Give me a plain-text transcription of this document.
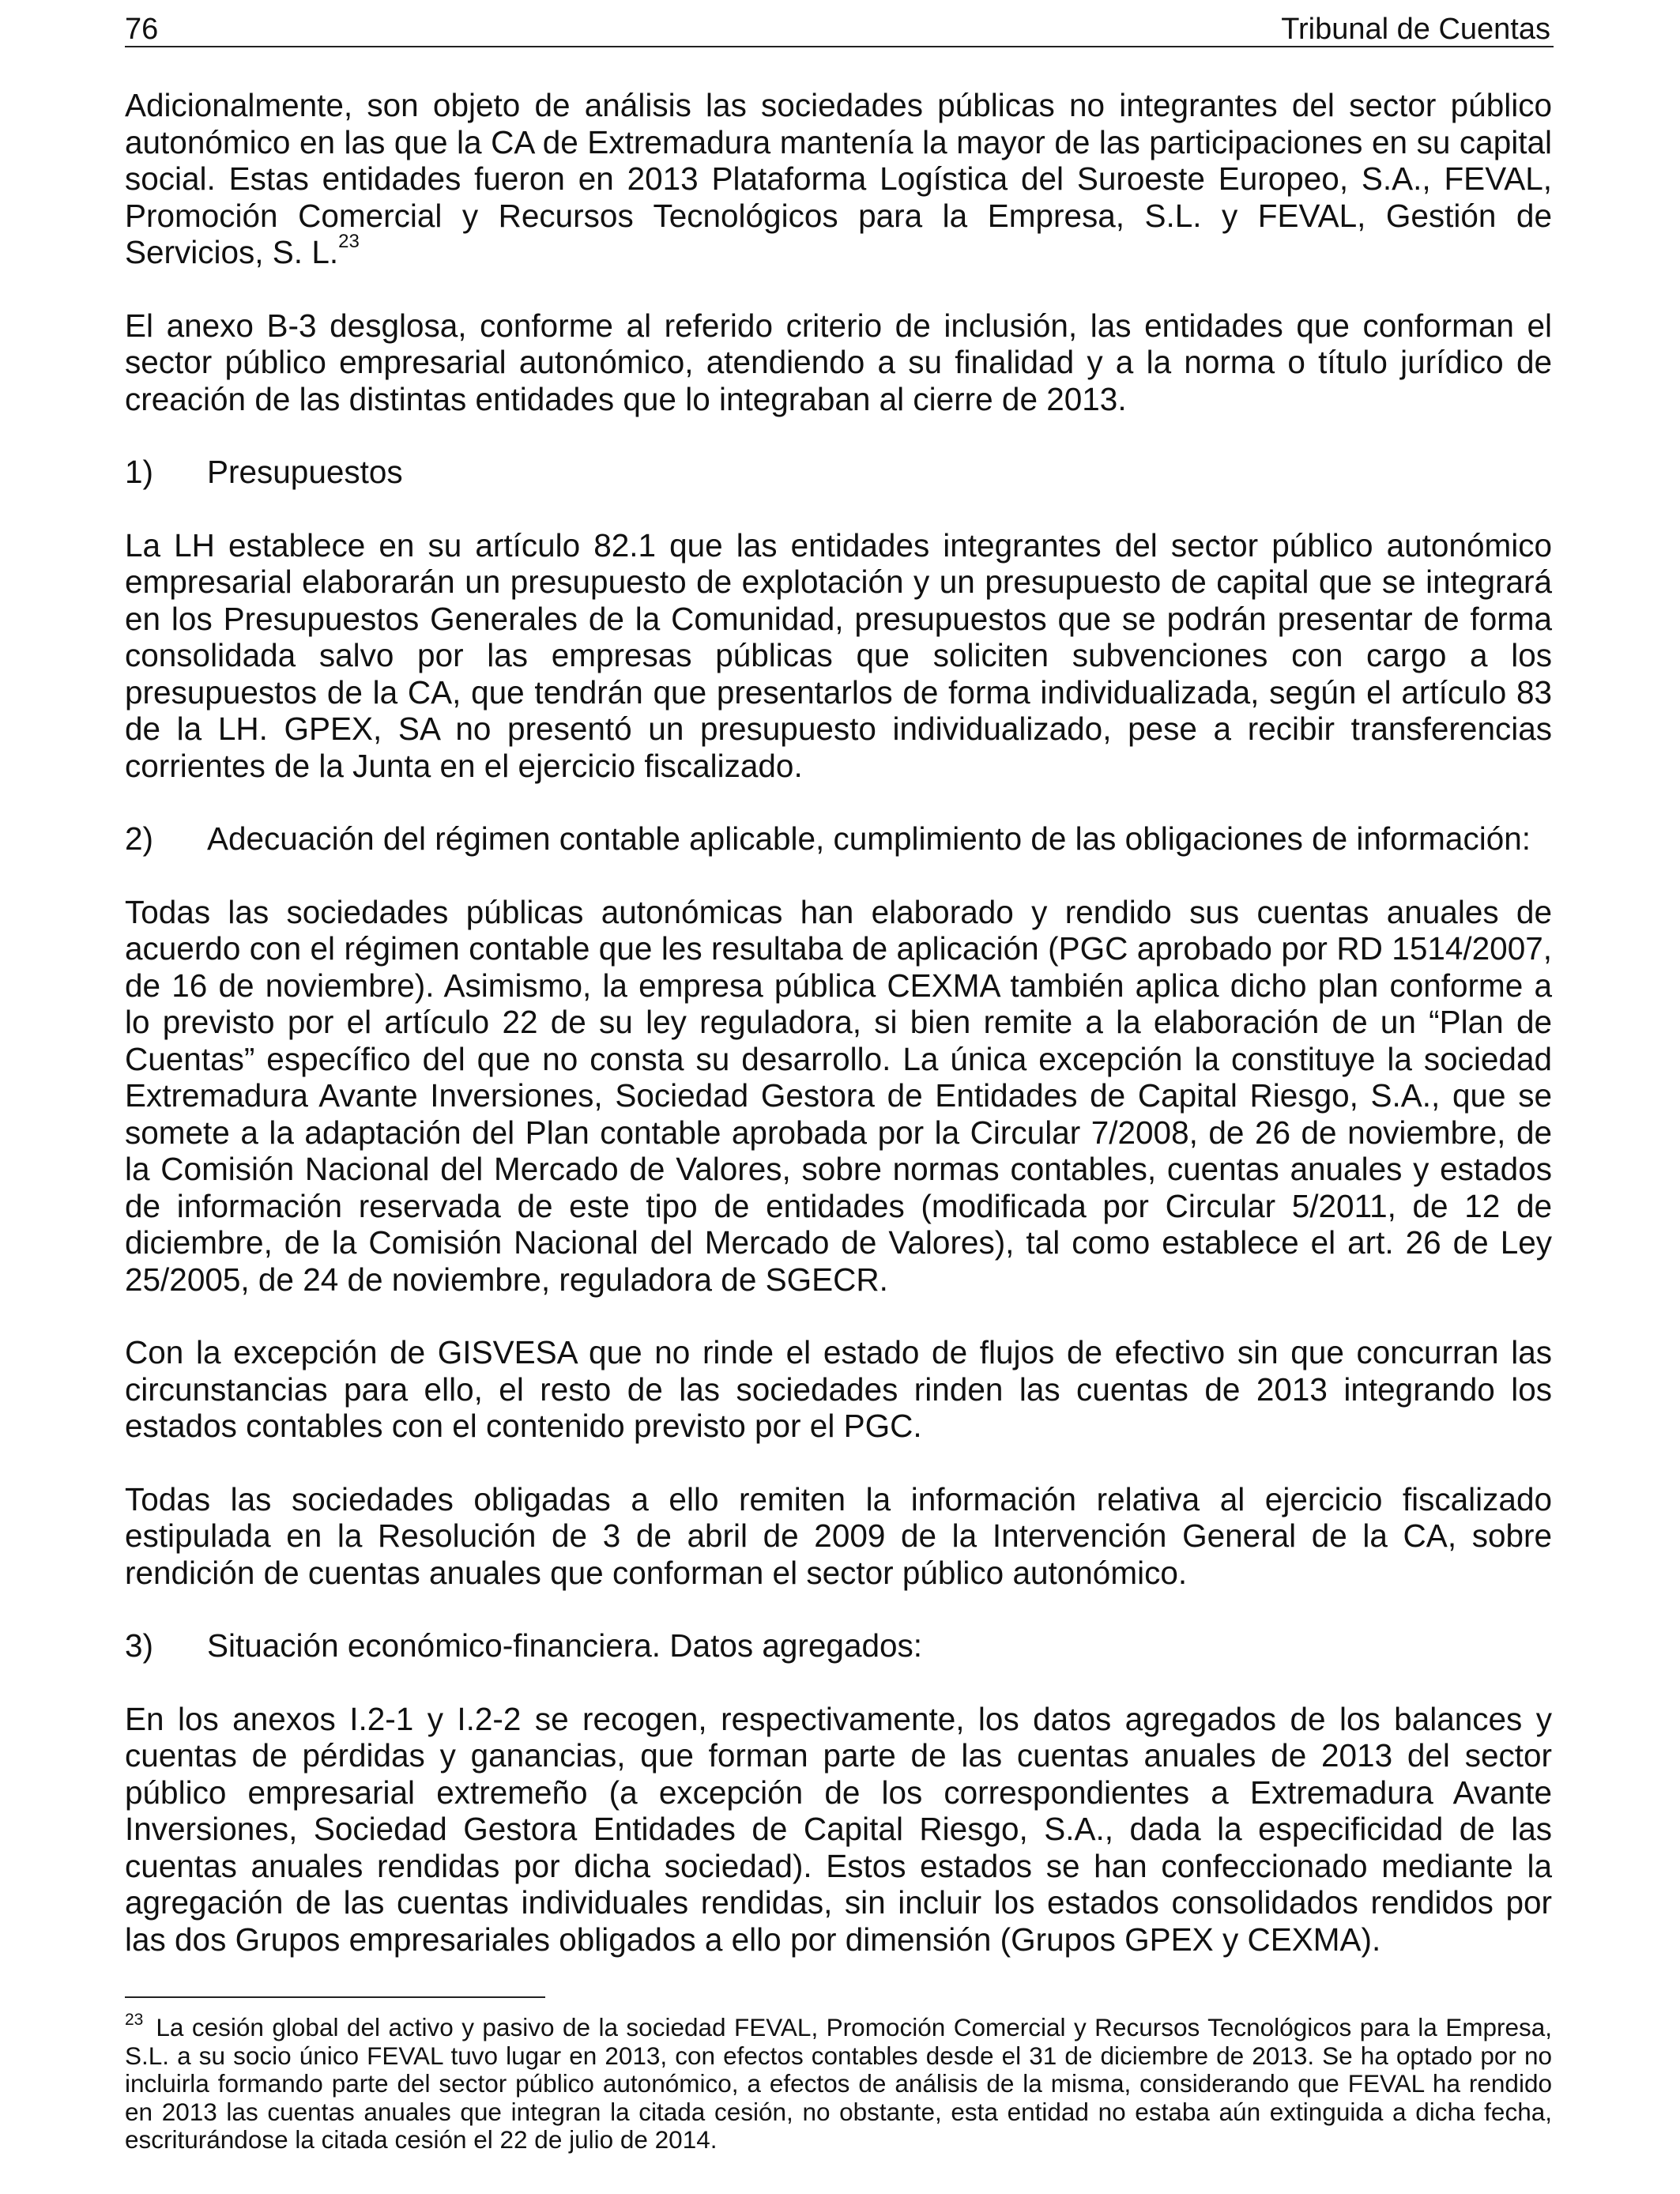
76	Tribunal de Cuentas

Adicionalmente, son objeto de análisis las sociedades públicas no integrantes del sector público autonómico en las que la CA de Extremadura mantenía la mayor de las participaciones en su capital social. Estas entidades fueron en 2013 Plataforma Logística del Suroeste Europeo, S.A., FEVAL, Promoción Comercial y Recursos Tecnológicos para la Empresa, S.L. y FEVAL, Gestión de Servicios, S. L.$^{23}$

El anexo B-3 desglosa, conforme al referido criterio de inclusión, las entidades que conforman el sector público empresarial autonómico, atendiendo a su finalidad y a la norma o título jurídico de creación de las distintas entidades que lo integraban al cierre de 2013.

1)	Presupuestos

La LH establece en su artículo 82.1 que las entidades integrantes del sector público autonómico empresarial elaborarán un presupuesto de explotación y un presupuesto de capital que se integrará en los Presupuestos Generales de la Comunidad, presupuestos que se podrán presentar de forma consolidada salvo por las empresas públicas que soliciten subvenciones con cargo a los presupuestos de la CA, que tendrán que presentarlos de forma individualizada, según el artículo 83 de la LH. GPEX, SA no presentó un presupuesto individualizado, pese a recibir transferencias corrientes de la Junta en el ejercicio fiscalizado.

2)	Adecuación del régimen contable aplicable, cumplimiento de las obligaciones de información:

Todas las sociedades públicas autonómicas han elaborado y rendido sus cuentas anuales de acuerdo con el régimen contable que les resultaba de aplicación (PGC aprobado por RD 1514/2007, de 16 de noviembre). Asimismo, la empresa pública CEXMA también aplica dicho plan conforme a lo previsto por el artículo 22 de su ley reguladora, si bien remite a la elaboración de un “Plan de Cuentas” específico del que no consta su desarrollo. La única excepción la constituye la sociedad Extremadura Avante Inversiones, Sociedad Gestora de Entidades de Capital Riesgo, S.A., que se somete a la adaptación del Plan contable aprobada por la Circular 7/2008, de 26 de noviembre, de la Comisión Nacional del Mercado de Valores, sobre normas contables, cuentas anuales y estados de información reservada de este tipo de entidades (modificada por Circular 5/2011, de 12 de diciembre, de la Comisión Nacional del Mercado de Valores), tal como establece el art. 26 de Ley 25/2005, de 24 de noviembre, reguladora de SGECR.

Con la excepción de GISVESA que no rinde el estado de flujos de efectivo sin que concurran las circunstancias para ello, el resto de las sociedades rinden las cuentas de 2013 integrando los estados contables con el contenido previsto por el PGC.

Todas las sociedades obligadas a ello remiten la información relativa al ejercicio fiscalizado estipulada en la Resolución de 3 de abril de 2009 de la Intervención General de la CA, sobre rendición de cuentas anuales que conforman el sector público autonómico.

3)	Situación económico-financiera. Datos agregados:

En los anexos I.2-1 y I.2-2 se recogen, respectivamente, los datos agregados de los balances y cuentas de pérdidas y ganancias, que forman parte de las cuentas anuales de 2013 del sector público empresarial extremeño (a excepción de los correspondientes a Extremadura Avante Inversiones, Sociedad Gestora Entidades de Capital Riesgo, S.A., dada la especificidad de las cuentas anuales rendidas por dicha sociedad). Estos estados se han confeccionado mediante la agregación de las cuentas individuales rendidas, sin incluir los estados consolidados rendidos por las dos Grupos empresariales obligados a ello por dimensión (Grupos GPEX y CEXMA).

$^{23}$ La cesión global del activo y pasivo de la sociedad FEVAL, Promoción Comercial y Recursos Tecnológicos para la Empresa, S.L. a su socio único FEVAL tuvo lugar en 2013, con efectos contables desde el 31 de diciembre de 2013. Se ha optado por no incluirla formando parte del sector público autonómico, a efectos de análisis de la misma, considerando que FEVAL ha rendido en 2013 las cuentas anuales que integran la citada cesión, no obstante, esta entidad no estaba aún extinguida a dicha fecha, escriturándose la citada cesión el 22 de julio de 2014.
